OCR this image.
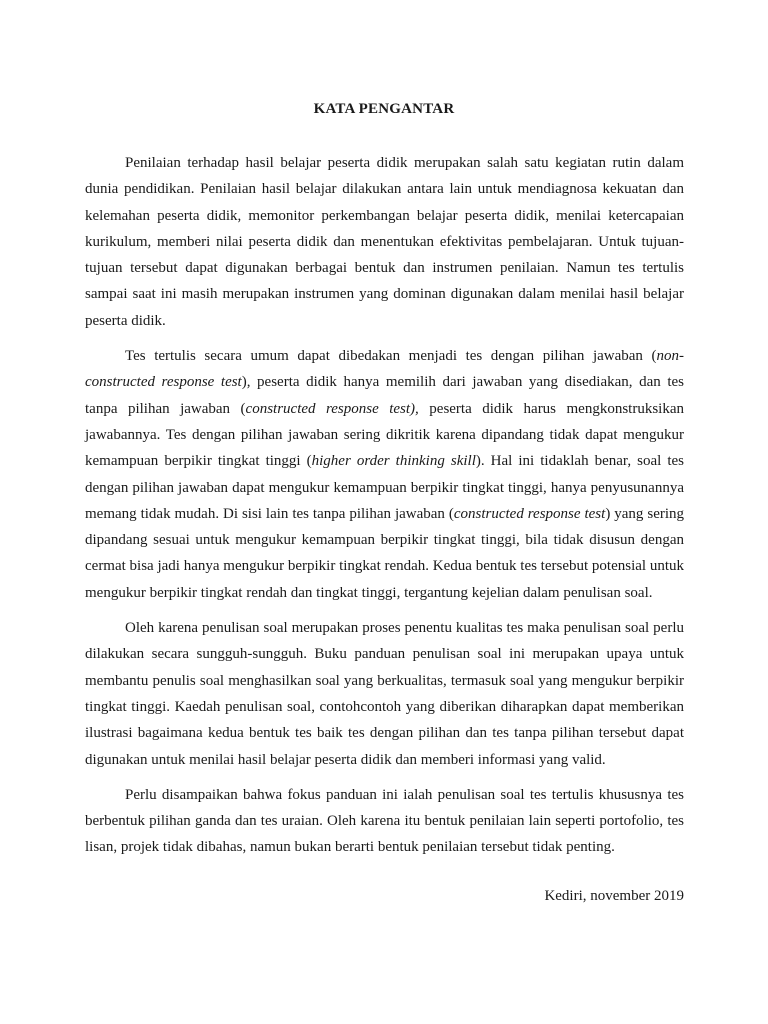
KATA PENGANTAR

Penilaian terhadap hasil belajar peserta didik merupakan salah satu kegiatan rutin dalam dunia pendidikan. Penilaian hasil belajar dilakukan antara lain untuk mendiagnosa kekuatan dan kelemahan peserta didik, memonitor perkembangan belajar peserta didik, menilai ketercapaian kurikulum, memberi nilai peserta didik dan menentukan efektivitas pembelajaran. Untuk tujuan-tujuan tersebut dapat digunakan berbagai bentuk dan instrumen penilaian. Namun tes tertulis sampai saat ini masih merupakan instrumen yang dominan digunakan dalam menilai hasil belajar peserta didik.

Tes tertulis secara umum dapat dibedakan menjadi tes dengan pilihan jawaban (non-constructed response test), peserta didik hanya memilih dari jawaban yang disediakan, dan tes tanpa pilihan jawaban (constructed response test), peserta didik harus mengkonstruksikan jawabannya. Tes dengan pilihan jawaban sering dikritik karena dipandang tidak dapat mengukur kemampuan berpikir tingkat tinggi (higher order thinking skill). Hal ini tidaklah benar, soal tes dengan pilihan jawaban dapat mengukur kemampuan berpikir tingkat tinggi, hanya penyusunannya memang tidak mudah. Di sisi lain tes tanpa pilihan jawaban (constructed response test) yang sering dipandang sesuai untuk mengukur kemampuan berpikir tingkat tinggi, bila tidak disusun dengan cermat bisa jadi hanya mengukur berpikir tingkat rendah. Kedua bentuk tes tersebut potensial untuk mengukur berpikir tingkat rendah dan tingkat tinggi, tergantung kejelian dalam penulisan soal.

Oleh karena penulisan soal merupakan proses penentu kualitas tes maka penulisan soal perlu dilakukan secara sungguh-sungguh. Buku panduan penulisan soal ini merupakan upaya untuk membantu penulis soal menghasilkan soal yang berkualitas, termasuk soal yang mengukur berpikir tingkat tinggi. Kaedah penulisan soal, contohcontoh yang diberikan diharapkan dapat memberikan ilustrasi bagaimana kedua bentuk tes baik tes dengan pilihan dan tes tanpa pilihan tersebut dapat digunakan untuk menilai hasil belajar peserta didik dan memberi informasi yang valid.

Perlu disampaikan bahwa fokus panduan ini ialah penulisan soal tes tertulis khususnya tes berbentuk pilihan ganda dan tes uraian. Oleh karena itu bentuk penilaian lain seperti portofolio, tes lisan, projek tidak dibahas, namun bukan berarti bentuk penilaian tersebut tidak penting.

Kediri, november 2019
